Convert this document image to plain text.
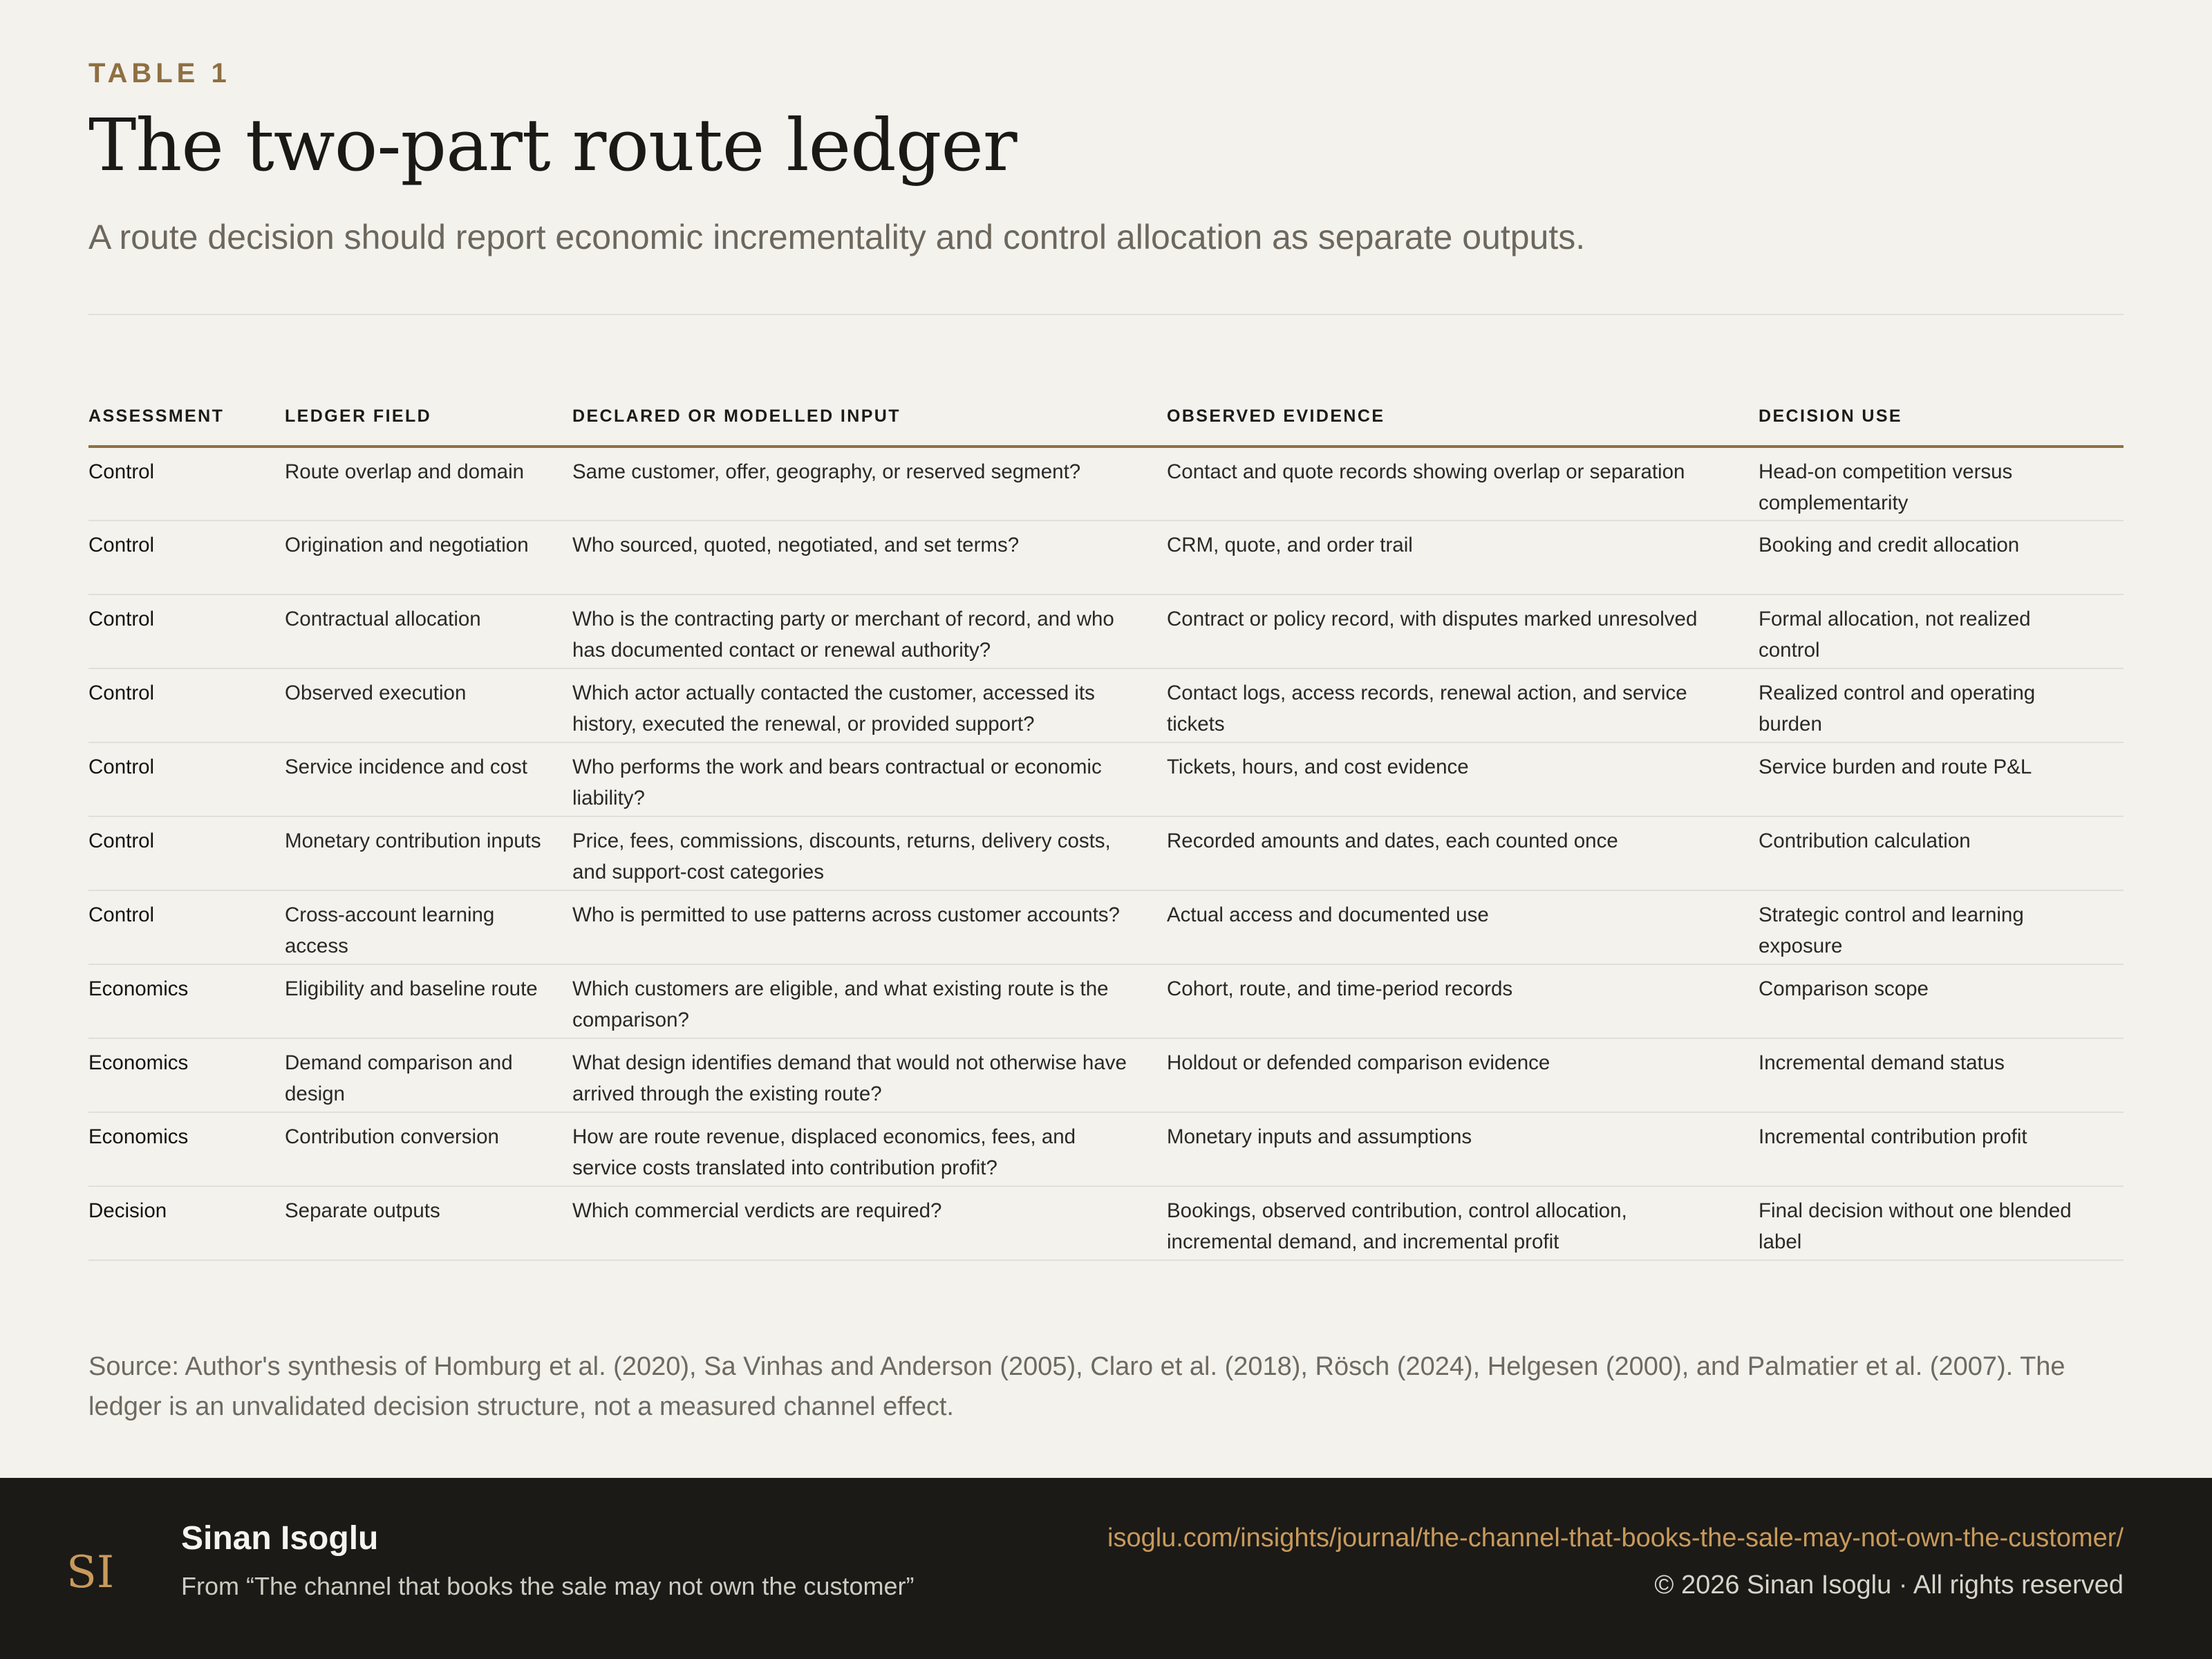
TABLE 1
The two-part route ledger

A route decision should report economic incrementality and control allocation as separate outputs.

ASSESSMENT	LEDGER FIELD	DECLARED OR MODELLED INPUT	OBSERVED EVIDENCE	DECISION USE
Control	Route overlap and domain	Same customer, offer, geography, or reserved segment?	Contact and quote records showing overlap or separation	Head-on competition versus complementarity
Control	Origination and negotiation	Who sourced, quoted, negotiated, and set terms?	CRM, quote, and order trail	Booking and credit allocation
Control	Contractual allocation	Who is the contracting party or merchant of record, and who has documented contact or renewal authority?	Contract or policy record, with disputes marked unresolved	Formal allocation, not realized control
Control	Observed execution	Which actor actually contacted the customer, accessed its history, executed the renewal, or provided support?	Contact logs, access records, renewal action, and service tickets	Realized control and operating burden
Control	Service incidence and cost	Who performs the work and bears contractual or economic liability?	Tickets, hours, and cost evidence	Service burden and route P&L
Control	Monetary contribution inputs	Price, fees, commissions, discounts, returns, delivery costs, and support-cost categories	Recorded amounts and dates, each counted once	Contribution calculation
Control	Cross-account learning access	Who is permitted to use patterns across customer accounts?	Actual access and documented use	Strategic control and learning exposure
Economics	Eligibility and baseline route	Which customers are eligible, and what existing route is the comparison?	Cohort, route, and time-period records	Comparison scope
Economics	Demand comparison and design	What design identifies demand that would not otherwise have arrived through the existing route?	Holdout or defended comparison evidence	Incremental demand status
Economics	Contribution conversion	How are route revenue, displaced economics, fees, and service costs translated into contribution profit?	Monetary inputs and assumptions	Incremental contribution profit
Decision	Separate outputs	Which commercial verdicts are required?	Bookings, observed contribution, control allocation, incremental demand, and incremental profit	Final decision without one blended label

Source: Author's synthesis of Homburg et al. (2020), Sa Vinhas and Anderson (2005), Claro et al. (2018), Rösch (2024), Helgesen (2000), and Palmatier et al. (2007). The ledger is an unvalidated decision structure, not a measured channel effect.

SI
Sinan Isoglu
From “The channel that books the sale may not own the customer”
isoglu.com/insights/journal/the-channel-that-books-the-sale-may-not-own-the-customer/
© 2026 Sinan Isoglu · All rights reserved
